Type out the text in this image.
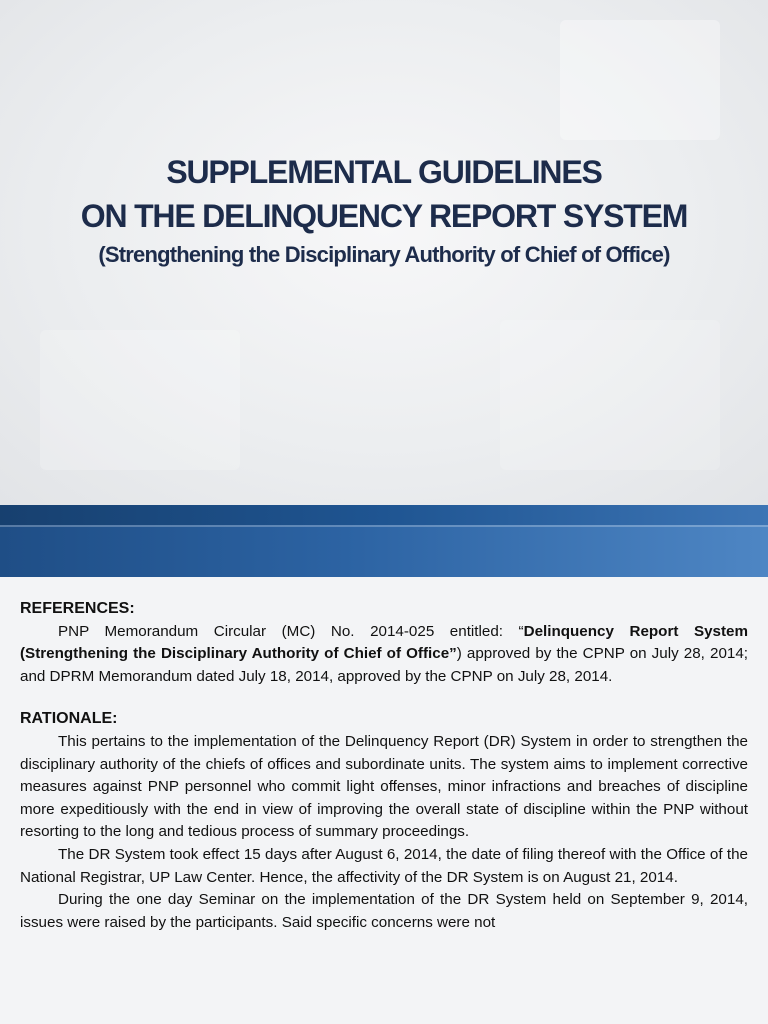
SUPPLEMENTAL GUIDELINES
ON THE DELINQUENCY REPORT SYSTEM
(Strengthening the Disciplinary Authority of Chief of Office)

REFERENCES:

PNP Memorandum Circular (MC) No. 2014-025 entitled: “Delinquency Report System (Strengthening the Disciplinary Authority of Chief of Office”) approved by the CPNP on July 28, 2014; and DPRM Memorandum dated July 18, 2014, approved by the CPNP on July 28, 2014.

RATIONALE:

This pertains to the implementation of the Delinquency Report (DR) System in order to strengthen the disciplinary authority of the chiefs of offices and subordinate units. The system aims to implement corrective measures against PNP personnel who commit light offenses, minor infractions and breaches of discipline more expeditiously with the end in view of improving the overall state of discipline within the PNP without resorting to the long and tedious process of summary proceedings.

The DR System took effect 15 days after August 6, 2014, the date of filing thereof with the Office of the National Registrar, UP Law Center. Hence, the affectivity of the DR System is on August 21, 2014.

During the one day Seminar on the implementation of the DR System held on September 9, 2014, issues were raised by the participants. Said specific concerns were not
